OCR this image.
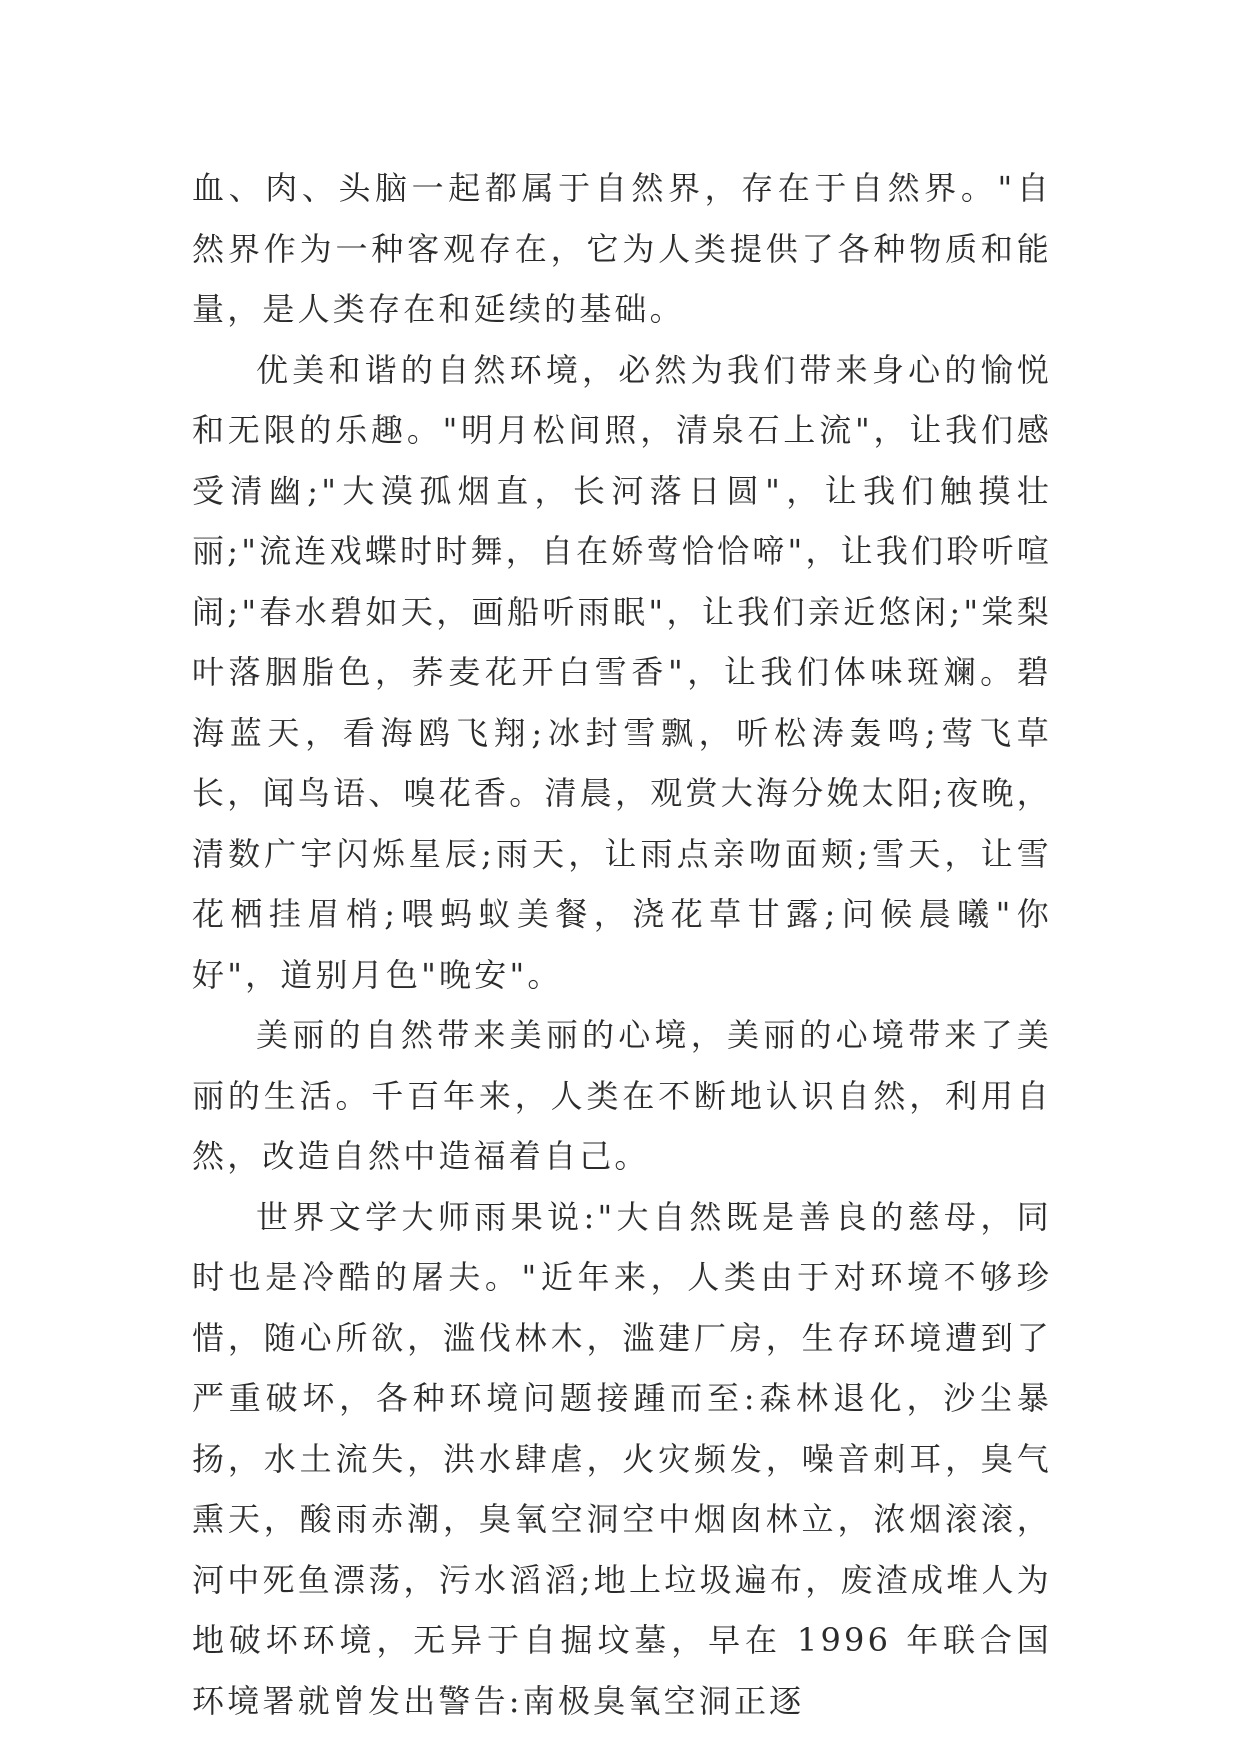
血、肉、头脑一起都属于自然界，存在于自然界。"自然界作为一种客观存在，它为人类提供了各种物质和能量，是人类存在和延续的基础。

优美和谐的自然环境，必然为我们带来身心的愉悦和无限的乐趣。"明月松间照，清泉石上流"，让我们感受清幽;"大漠孤烟直，长河落日圆"，让我们触摸壮丽;"流连戏蝶时时舞，自在娇莺恰恰啼"，让我们聆听喧闹;"春水碧如天，画船听雨眠"，让我们亲近悠闲;"棠梨叶落胭脂色，荞麦花开白雪香"，让我们体味斑斓。碧海蓝天，看海鸥飞翔;冰封雪飘，听松涛轰鸣;莺飞草长，闻鸟语、嗅花香。清晨，观赏大海分娩太阳;夜晚，清数广宇闪烁星辰;雨天，让雨点亲吻面颊;雪天，让雪花栖挂眉梢;喂蚂蚁美餐，浇花草甘露;问候晨曦"你好"，道别月色"晚安"。

美丽的自然带来美丽的心境，美丽的心境带来了美丽的生活。千百年来，人类在不断地认识自然，利用自然，改造自然中造福着自己。

世界文学大师雨果说:"大自然既是善良的慈母，同时也是冷酷的屠夫。"近年来，人类由于对环境不够珍惜，随心所欲，滥伐林木，滥建厂房，生存环境遭到了严重破坏，各种环境问题接踵而至:森林退化，沙尘暴扬，水土流失，洪水肆虐，火灾频发，噪音刺耳，臭气熏天，酸雨赤潮，臭氧空洞空中烟囱林立，浓烟滚滚，河中死鱼漂荡，污水滔滔;地上垃圾遍布，废渣成堆人为地破坏环境，无异于自掘坟墓，早在 1996 年联合国环境署就曾发出警告:南极臭氧空洞正逐
